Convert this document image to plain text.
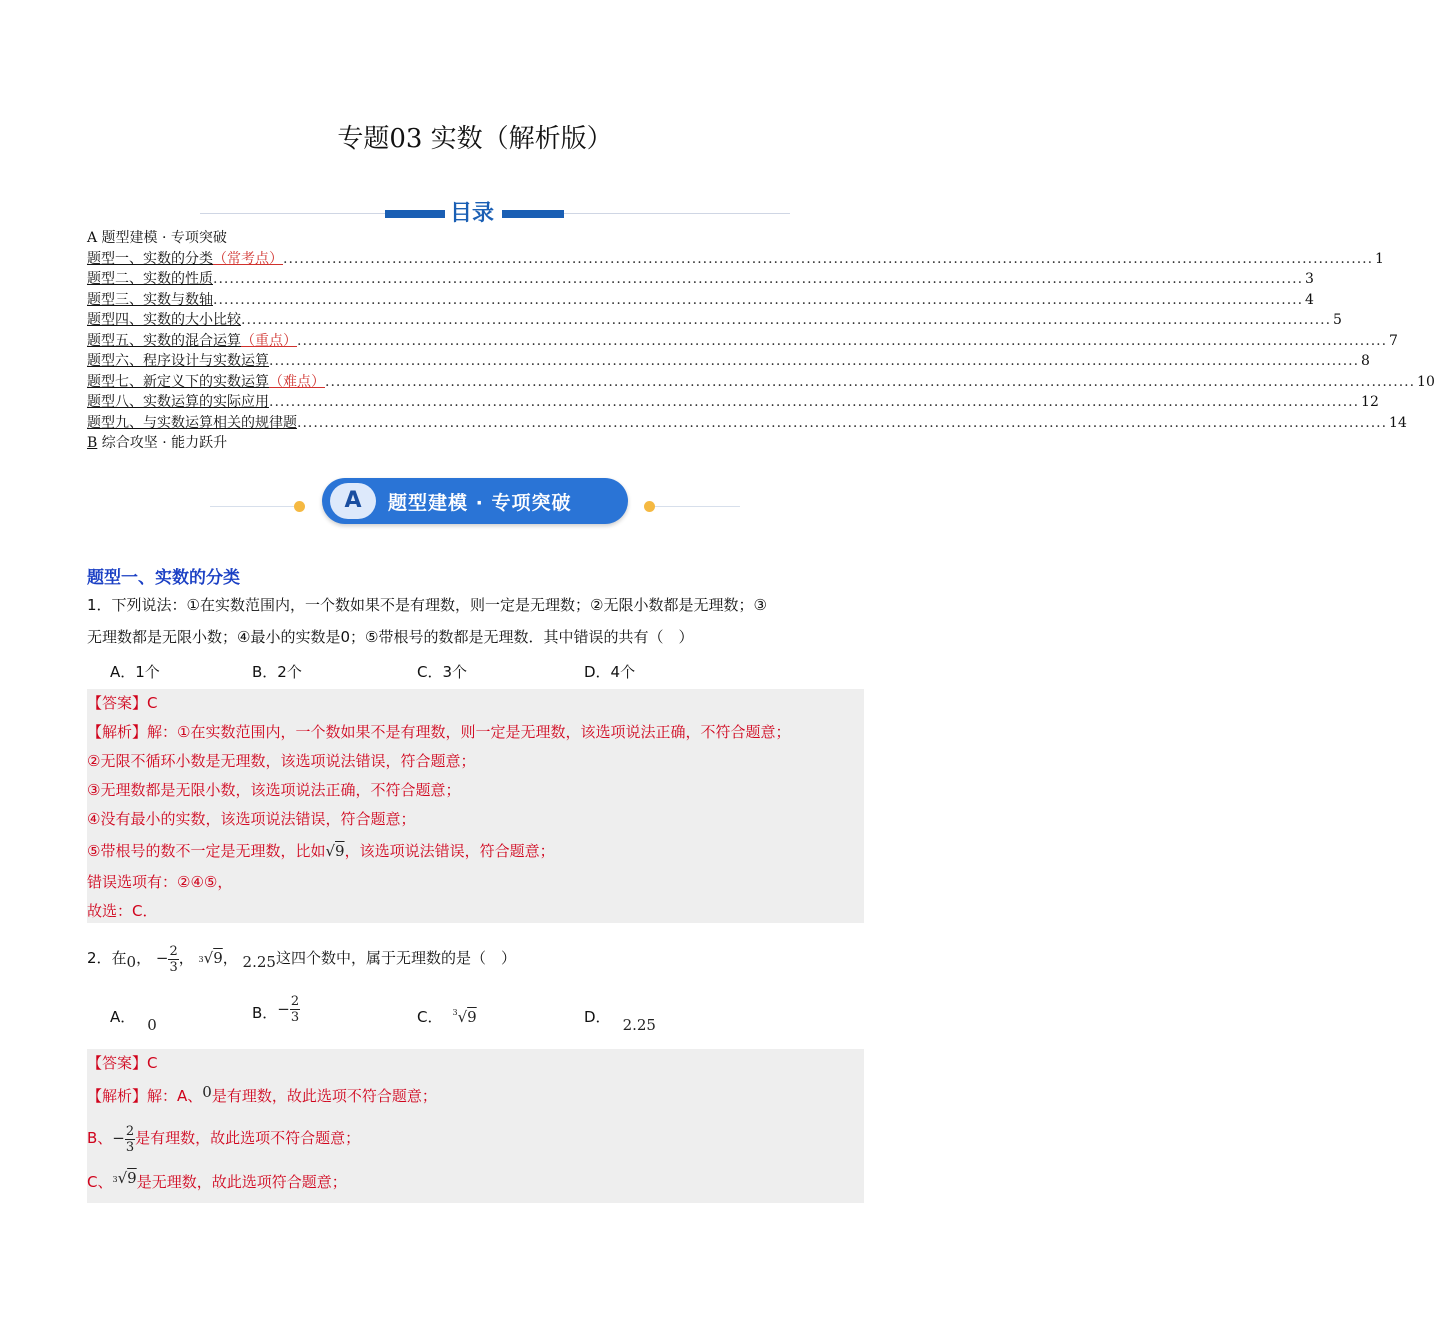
专题03 实数（解析版）
目录
A 题型建模 · 专项突破
题型一、实数的分类 （常考点） ........................................................................................................................................................................................................ 1
题型二、实数的性质 ........................................................................................................................................................................................................ 3
题型三、实数与数轴 ........................................................................................................................................................................................................ 4
题型四、实数的大小比较 ........................................................................................................................................................................................................ 5
题型五、实数的混合运算 （重点） ........................................................................................................................................................................................................ 7
题型六、程序设计与实数运算 ........................................................................................................................................................................................................ 8
题型七、新定义下的实数运算 （难点） ........................................................................................................................................................................................................ 10
题型八、实数运算的实际应用 ........................................................................................................................................................................................................ 12
题型九、与实数运算相关的规律题 ........................................................................................................................................................................................................ 14
B 综合攻坚 · 能力跃升
A	题型建模 · 专项突破
题型一、实数的分类
1．下列说法：①在实数范围内，一个数如果不是有理数，则一定是无理数；②无限小数都是无理数；③
无理数都是无限小数；④最小的实数是0；⑤带根号的数都是无理数．其中错误的共有（　）
A．1个	B．2个	C．3个	D．4个
【答案】C
【解析】解：①在实数范围内，一个数如果不是有理数，则一定是无理数，该选项说法正确，不符合题意；
②无限不循环小数是无理数，该选项说法错误，符合题意；
③无理数都是无限小数，该选项说法正确，不符合题意；
④没有最小的实数，该选项说法错误，符合题意；
⑤带根号的数不一定是无理数，比如√9，该选项说法错误，符合题意；
错误选项有：②④⑤，
故选：C．
2．在0， − $\frac{2}{3}$ ， $^3$√9， 2.25这四个数中，属于无理数的是（　）
A． 0
B．− $\frac{2}{3}$	C． $^3$√9	D． 2.25
【答案】C
【解析】解：A、0是有理数，故此选项不符合题意；
B、− $\frac{2}{3}$ 是有理数，故此选项不符合题意；
C、$^3$√9是无理数，故此选项符合题意；
